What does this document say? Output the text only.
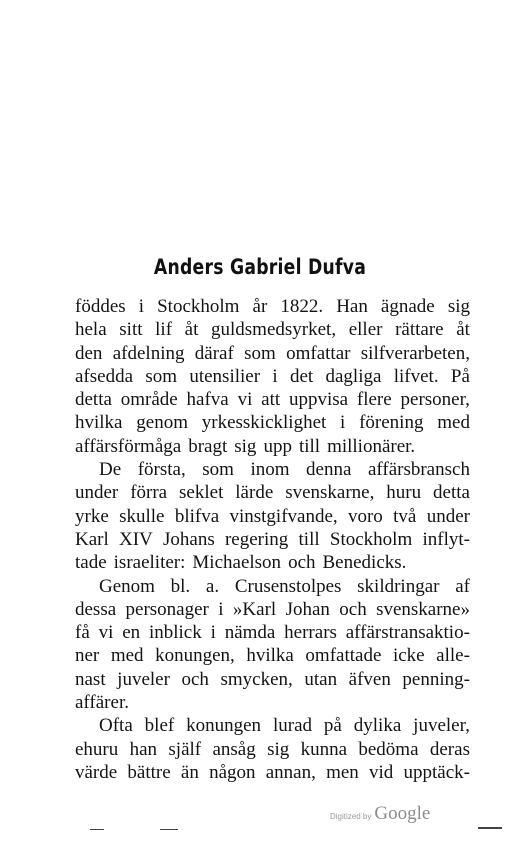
Anders Gabriel Dufva
föddes i Stockholm år 1822. Han ägnade sig
hela sitt lif åt guldsmedsyrket, eller rättare åt
den afdelning däraf som omfattar silfverarbeten,
afsedda som utensilier i det dagliga lifvet. På
detta område hafva vi att uppvisa flere personer,
hvilka genom yrkesskicklighet i förening med
affärsförmåga bragt sig upp till millionärer.
De första, som inom denna affärsbransch
under förra seklet lärde svenskarne, huru detta
yrke skulle blifva vinstgifvande, voro två under
Karl XIV Johans regering till Stockholm inflyt-
tade israeliter: Michaelson och Benedicks.
Genom bl. a. Crusenstolpes skildringar af
dessa personager i »Karl Johan och svenskarne»
få vi en inblick i nämda herrars affärstransaktio-
ner med konungen, hvilka omfattade icke alle-
nast juveler och smycken, utan äfven penning-
affärer.
Ofta blef konungen lurad på dylika juveler,
ehuru han själf ansåg sig kunna bedöma deras
värde bättre än någon annan, men vid upptäck-
Digitized by Google
